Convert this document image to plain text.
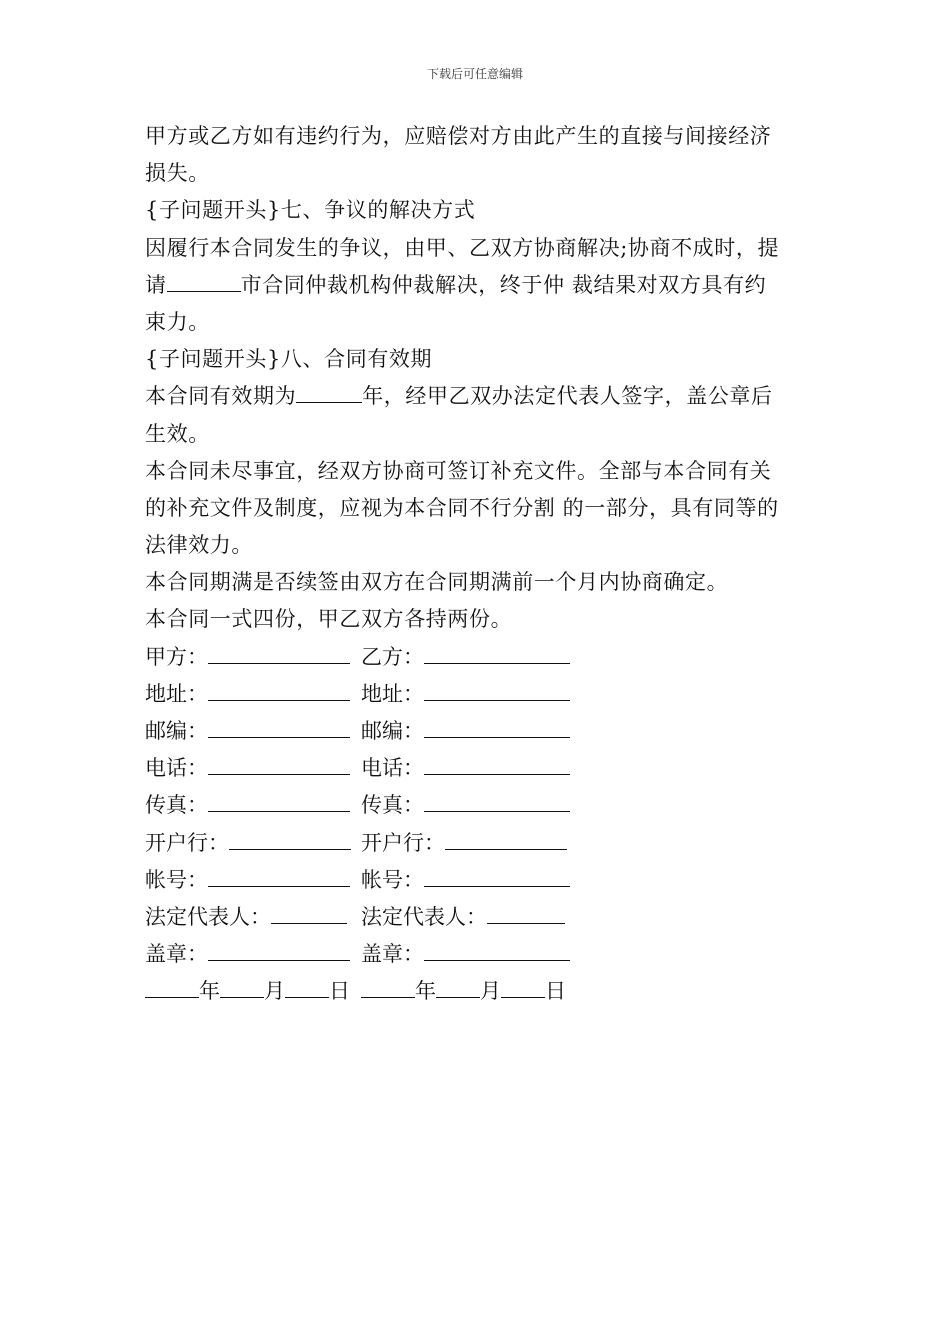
下载后可任意编辑
甲方或乙方如有违约行为，应赔偿对方由此产生的直接与间接经济
损失。
{子问题开头}七、争议的解决方式
因履行本合同发生的争议，由甲、乙双方协商解决;协商不成时，提
请	市合同仲裁机构仲裁解决，终于仲 裁结果对双方具有约
束力。
{子问题开头}八、合同有效期
本合同有效期为	年，经甲乙双办法定代表人签字，盖公章后
生效。
本合同未尽事宜，经双方协商可签订补充文件。全部与本合同有关
的补充文件及制度，应视为本合同不行分割 的一部分，具有同等的
法律效力。
本合同期满是否续签由双方在合同期满前一个月内协商确定。
本合同一式四份，甲乙双方各持两份。
甲方：	乙方：
地址：	地址：
邮编：	邮编：
电话：	电话：
传真：	传真：
开户行：	开户行：
帐号：	帐号：
法定代表人：	法定代表人：
盖章：	盖章：
年 月 日	年 月 日
